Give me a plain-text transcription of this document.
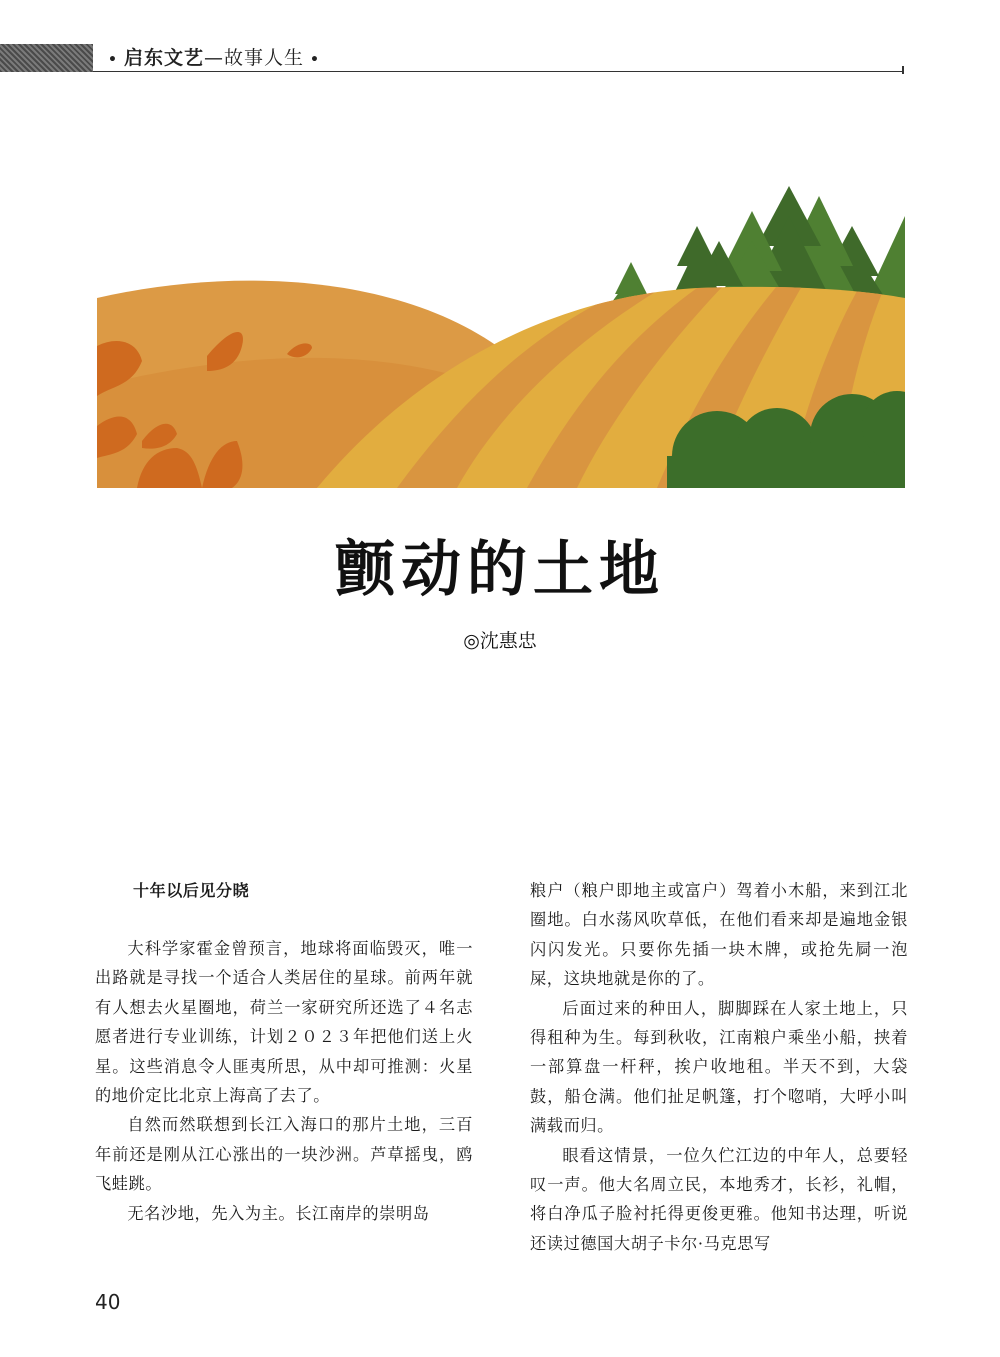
• 启东文艺—故事人生 •
颤动的土地
◎沈惠忠
十年以后见分晓

大科学家霍金曾预言，地球将面临毁灭，唯一出路就是寻找一个适合人类居住的星球。前两年就有人想去火星圈地，荷兰一家研究所还选了４名志愿者进行专业训练，计划２０２３年把他们送上火星。这些消息令人匪夷所思，从中却可推测：火星的地价定比北京上海高了去了。

自然而然联想到长江入海口的那片土地，三百年前还是刚从江心涨出的一块沙洲。芦草摇曳，鸥飞蛙跳。

无名沙地，先入为主。长江南岸的崇明岛

粮户（粮户即地主或富户）驾着小木船，来到江北圈地。白水荡风吹草低，在他们看来却是遍地金银闪闪发光。只要你先插一块木牌，或抢先屙一泡屎，这块地就是你的了。

后面过来的种田人，脚脚踩在人家土地上，只得租种为生。每到秋收，江南粮户乘坐小船，挟着一部算盘一杆秤，挨户收地租。半天不到，大袋鼓，船仓满。他们扯足帆篷，打个唿哨，大呼小叫满载而归。

眼看这情景，一位久伫江边的中年人，总要轻叹一声。他大名周立民，本地秀才，长衫，礼帽，将白净瓜子脸衬托得更俊更雅。他知书达理，听说还读过德国大胡子卡尔·马克思写

40
